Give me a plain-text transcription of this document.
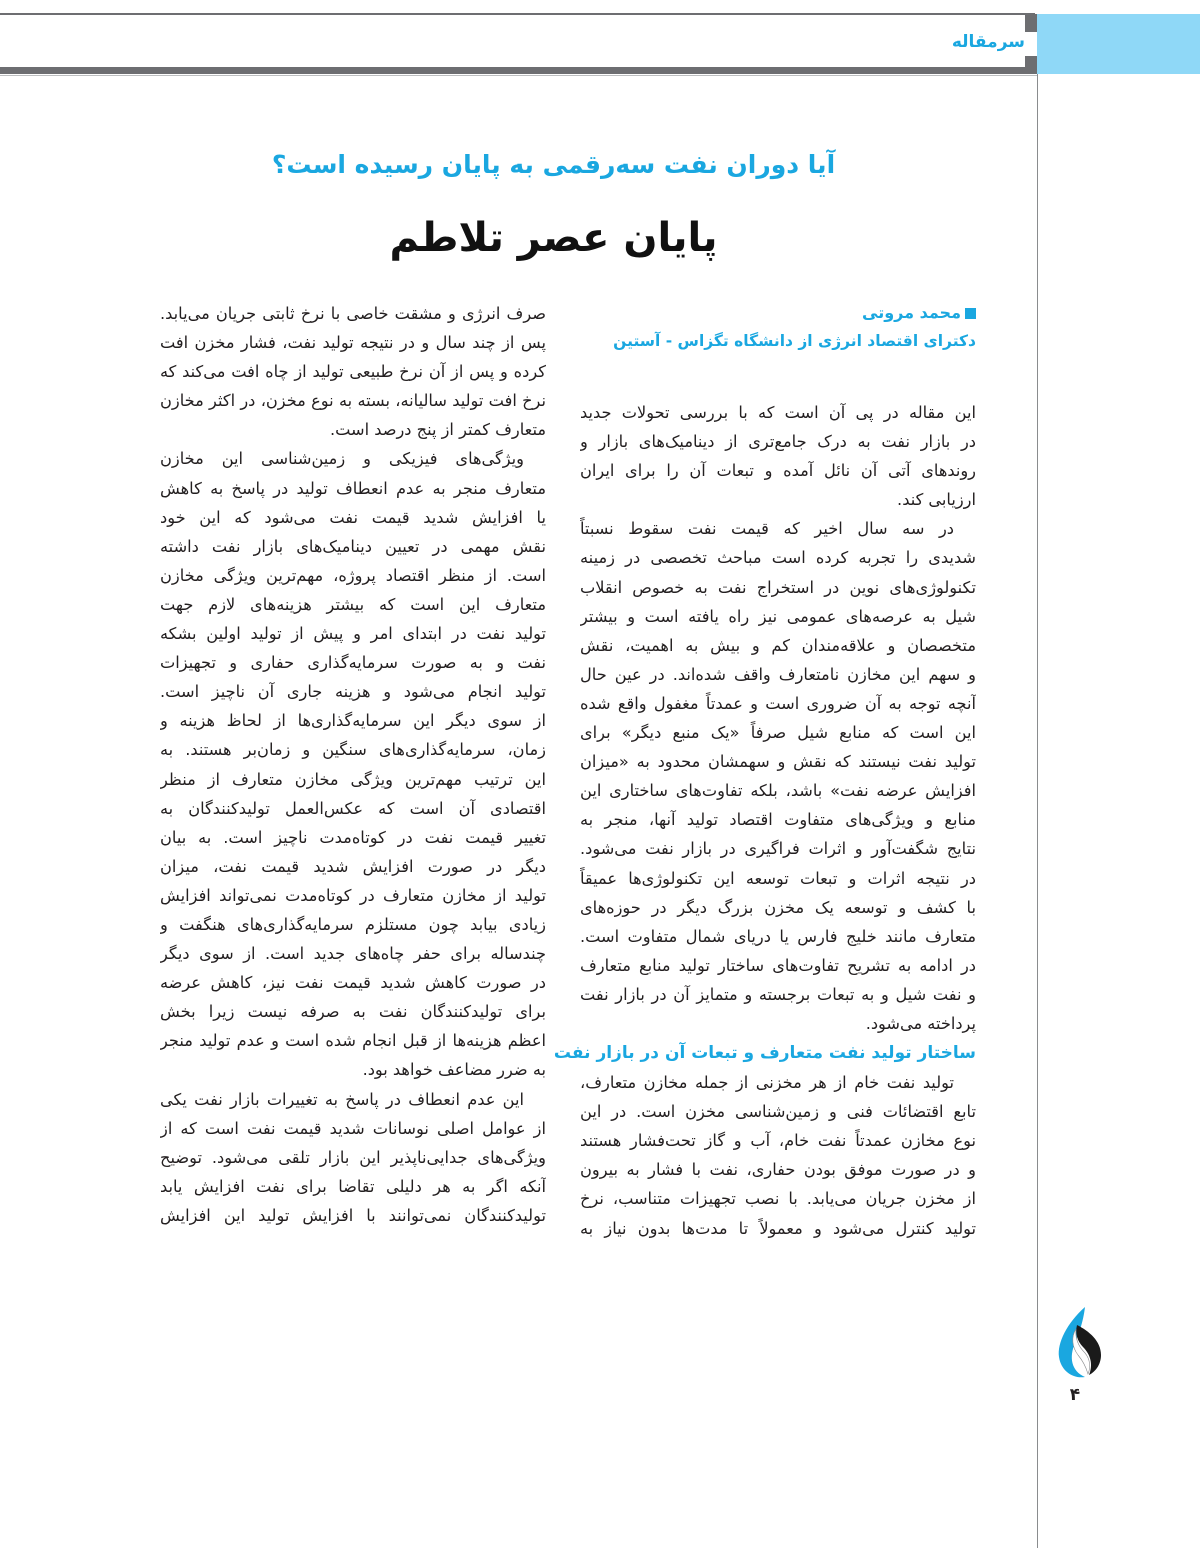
سرمقاله
آیا دوران نفت سه‌رقمی به پایان رسیده است؟
پایان عصر تلاطم
محمد مروتی
دکترای اقتصاد انرژی از دانشگاه تگزاس - آستین
این مقاله در پی آن است که با بررسی تحولات جدید
در بازار نفت به درک جامع‌تری از دینامیک‌های بازار و
روندهای آتی آن نائل آمده و تبعات آن را برای ایران
ارزیابی کند.
در سه سال اخیر که قیمت نفت سقوط نسبتاً
شدیدی را تجربه کرده است مباحث تخصصی در زمینه
تکنولوژی‌های نوین در استخراج نفت به خصوص انقلاب
شیل به عرصه‌های عمومی نیز راه یافته است و بیشتر
متخصصان و علاقه‌مندان کم و بیش به اهمیت، نقش
و سهم این مخازن نامتعارف واقف شده‌اند. در عین حال
آنچه توجه به آن ضروری است و عمدتاً مغفول واقع شده
این است که منابع شیل صرفاً «یک منبع دیگر» برای
تولید نفت نیستند که نقش و سهمشان محدود به «میزان
افزایش عرضه نفت» باشد، بلکه تفاوت‌های ساختاری این
منابع و ویژگی‌های متفاوت اقتصاد تولید آنها، منجر به
نتایج شگفت‌آور و اثرات فراگیری در بازار نفت می‌شود.
در نتیجه اثرات و تبعات توسعه این تکنولوژی‌ها عمیقاً
با کشف و توسعه یک مخزن بزرگ دیگر در حوزه‌های
متعارف مانند خلیج فارس یا دریای شمال متفاوت است.
در ادامه به تشریح تفاوت‌های ساختار تولید منابع متعارف
و نفت شیل و به تبعات برجسته و متمایز آن در بازار نفت
پرداخته می‌شود.
ساختار تولید نفت متعارف و تبعات آن در بازار نفت
تولید نفت خام از هر مخزنی از جمله مخازن متعارف،
تابع اقتضائات فنی و زمین‌شناسی مخزن است. در این
نوع مخازن عمدتاً نفت خام، آب و گاز تحت‌فشار هستند
و در صورت موفق بودن حفاری، نفت با فشار به بیرون
از مخزن جریان می‌یابد. با نصب تجهیزات متناسب، نرخ
تولید کنترل می‌شود و معمولاً تا مدت‌ها بدون نیاز به
صرف انرژی و مشقت خاصی با نرخ ثابتی جریان می‌یابد.
پس از چند سال و در نتیجه تولید نفت، فشار مخزن افت
کرده و پس از آن نرخ طبیعی تولید از چاه افت می‌کند که
نرخ افت تولید سالیانه، بسته به نوع مخزن، در اکثر مخازن
متعارف کمتر از پنج درصد است.
ویژگی‌های فیزیکی و زمین‌شناسی این مخازن
متعارف منجر به عدم انعطاف تولید در پاسخ به کاهش
یا افزایش شدید قیمت نفت می‌شود که این خود
نقش مهمی در تعیین دینامیک‌های بازار نفت داشته
است. از منظر اقتصاد پروژه، مهم‌ترین ویژگی مخازن
متعارف این است که بیشتر هزینه‌های لازم جهت
تولید نفت در ابتدای امر و پیش از تولید اولین بشکه
نفت و به صورت سرمایه‌گذاری حفاری و تجهیزات
تولید انجام می‌شود و هزینه جاری آن ناچیز است.
از سوی دیگر این سرمایه‌گذاری‌ها از لحاظ هزینه و
زمان، سرمایه‌گذاری‌های سنگین و زمان‌بر هستند. به
این ترتیب مهم‌ترین ویژگی مخازن متعارف از منظر
اقتصادی آن است که عکس‌العمل تولیدکنندگان به
تغییر قیمت نفت در کوتاه‌مدت ناچیز است. به بیان
دیگر در صورت افزایش شدید قیمت نفت، میزان
تولید از مخازن متعارف در کوتاه‌مدت نمی‌تواند افزایش
زیادی بیابد چون مستلزم سرمایه‌گذاری‌های هنگفت و
چندساله برای حفر چاه‌های جدید است. از سوی دیگر
در صورت کاهش شدید قیمت نفت نیز، کاهش عرضه
برای تولیدکنندگان نفت به صرفه نیست زیرا بخش
اعظم هزینه‌ها از قبل انجام شده است و عدم تولید منجر
به ضرر مضاعف خواهد بود.
این عدم انعطاف در پاسخ به تغییرات بازار نفت یکی
از عوامل اصلی نوسانات شدید قیمت نفت است که از
ویژگی‌های جدایی‌ناپذیر این بازار تلقی می‌شود. توضیح
آنکه اگر به هر دلیلی تقاضا برای نفت افزایش یابد
تولیدکنندگان نمی‌توانند با افزایش تولید این افزایش
۴
